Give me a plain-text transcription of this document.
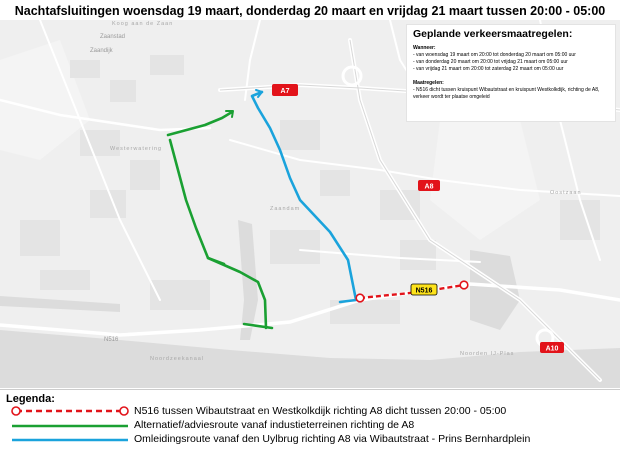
Nachtafsluitingen woensdag 19 maart, donderdag 20 maart en vrijdag 21 maart tussen 20:00 - 05:00
Koog aan de Zaan
Zaanstad
Westerwatering
Zaandam
Oostzaan
Noorden IJ-Plas
N516
Noordzeekanaal
Zaandijk
A7
A8
A10
N516
Geplande verkeersmaatregelen:
Wanneer:
- van woensdag 19 maart om 20:00 tot donderdag 20 maart om 05:00 uur
- van donderdag 20 maart om 20:00 tot vrijdag 21 maart om 05:00 uur
- van vrijdag 21 maart om 20:00 tot zaterdag 22 maart om 05:00 uur
Maatregelen:
- N516 dicht tussen kruispunt Wibautstraat en kruispunt Westkolkdijk, richting de A8, verkeer wordt ter plaatse omgeleid
Legenda:
N516 tussen Wibautstraat en Westkolkdijk richting A8 dicht tussen 20:00 - 05:00
Alternatief/adviesroute vanaf industieterreinen richting de A8
Omleidingsroute vanaf den Uylbrug richting A8 via Wibautstraat - Prins Bernhardplein
